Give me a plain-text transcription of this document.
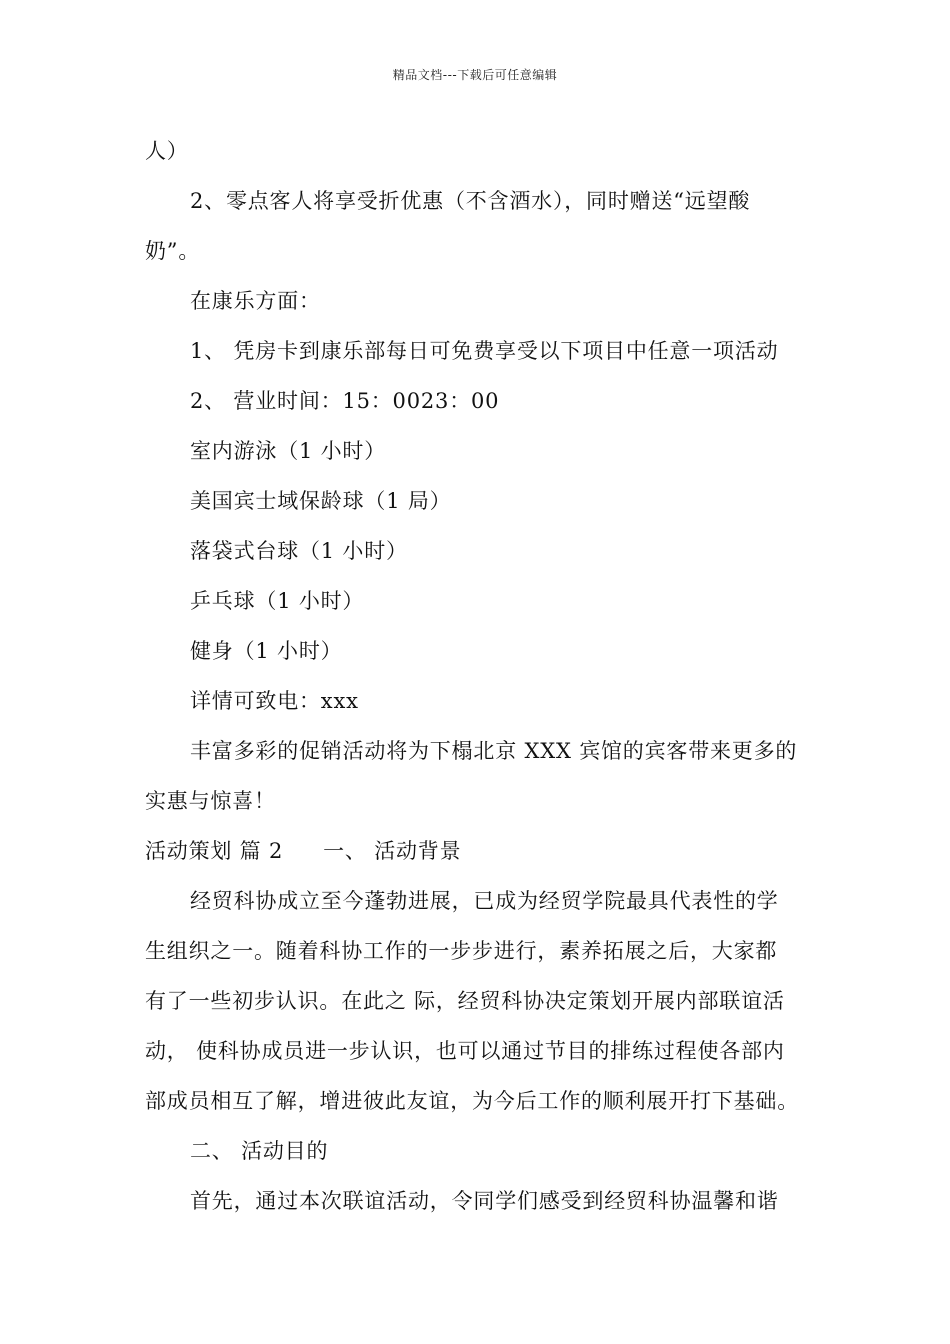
精品文档---下载后可任意编辑
人）
2、零点客人将享受折优惠（不含酒水），同时赠送“远望酸
奶”。
在康乐方面：
1、 凭房卡到康乐部每日可免费享受以下项目中任意一项活动
2、 营业时间：15：0023：00
室内游泳（1 小时）
美国宾士域保龄球（1 局）
落袋式台球（1 小时）
乒乓球（1 小时）
健身（1 小时）
详情可致电：xxx
丰富多彩的促销活动将为下榻北京 XXX 宾馆的宾客带来更多的
实惠与惊喜！
活动策划 篇 2 一、 活动背景
经贸科协成立至今蓬勃进展，已成为经贸学院最具代表性的学
生组织之一。随着科协工作的一步步进行，素养拓展之后，大家都
有了一些初步认识。在此之 际，经贸科协决定策划开展内部联谊活
动， 使科协成员进一步认识，也可以通过节目的排练过程使各部内
部成员相互了解，增进彼此友谊，为今后工作的顺利展开打下基础。
二、 活动目的
首先，通过本次联谊活动，令同学们感受到经贸科协温馨和谐
